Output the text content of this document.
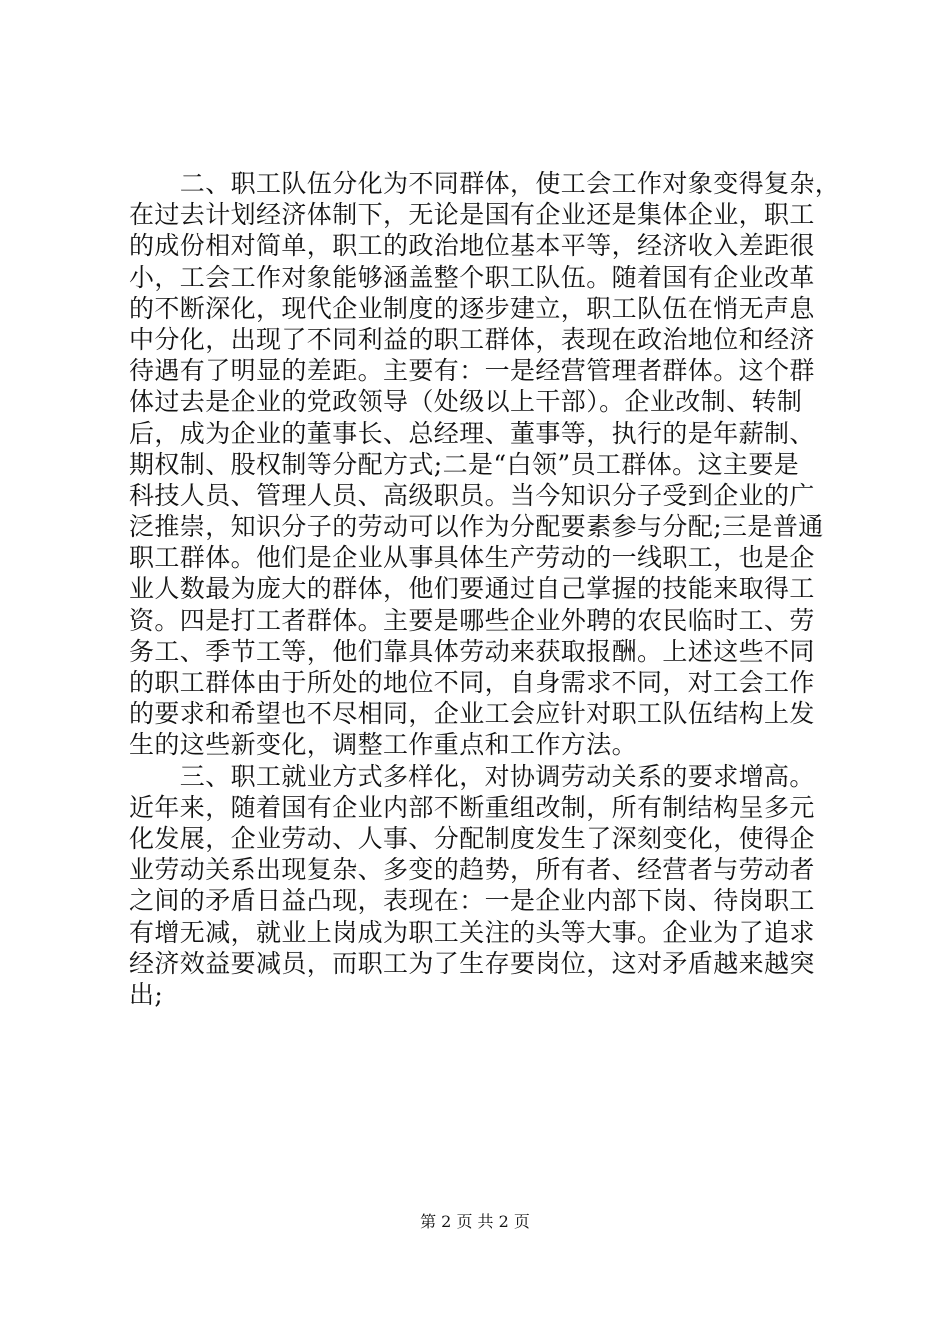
　　二、职工队伍分化为不同群体，使工会工作对象变得复杂，
在过去计划经济体制下，无论是国有企业还是集体企业，职工
的成份相对简单，职工的政治地位基本平等，经济收入差距很
小，工会工作对象能够涵盖整个职工队伍。随着国有企业改革
的不断深化，现代企业制度的逐步建立，职工队伍在悄无声息
中分化，出现了不同利益的职工群体，表现在政治地位和经济
待遇有了明显的差距。主要有：一是经营管理者群体。这个群
体过去是企业的党政领导（处级以上干部）。企业改制、转制
后，成为企业的董事长、总经理、董事等，执行的是年薪制、
期权制、股权制等分配方式;二是“白领”员工群体。这主要是
科技人员、管理人员、高级职员。当今知识分子受到企业的广
泛推崇，知识分子的劳动可以作为分配要素参与分配;三是普通
职工群体。他们是企业从事具体生产劳动的一线职工，也是企
业人数最为庞大的群体，他们要通过自己掌握的技能来取得工
资。四是打工者群体。主要是哪些企业外聘的农民临时工、劳
务工、季节工等，他们靠具体劳动来获取报酬。上述这些不同
的职工群体由于所处的地位不同，自身需求不同，对工会工作
的要求和希望也不尽相同，企业工会应针对职工队伍结构上发
生的这些新变化，调整工作重点和工作方法。
　　三、职工就业方式多样化，对协调劳动关系的要求增高。
近年来，随着国有企业内部不断重组改制，所有制结构呈多元
化发展，企业劳动、人事、分配制度发生了深刻变化，使得企
业劳动关系出现复杂、多变的趋势，所有者、经营者与劳动者
之间的矛盾日益凸现，表现在：一是企业内部下岗、待岗职工
有增无减，就业上岗成为职工关注的头等大事。企业为了追求
经济效益要减员，而职工为了生存要岗位，这对矛盾越来越突
出;
第 2 页 共 2 页
